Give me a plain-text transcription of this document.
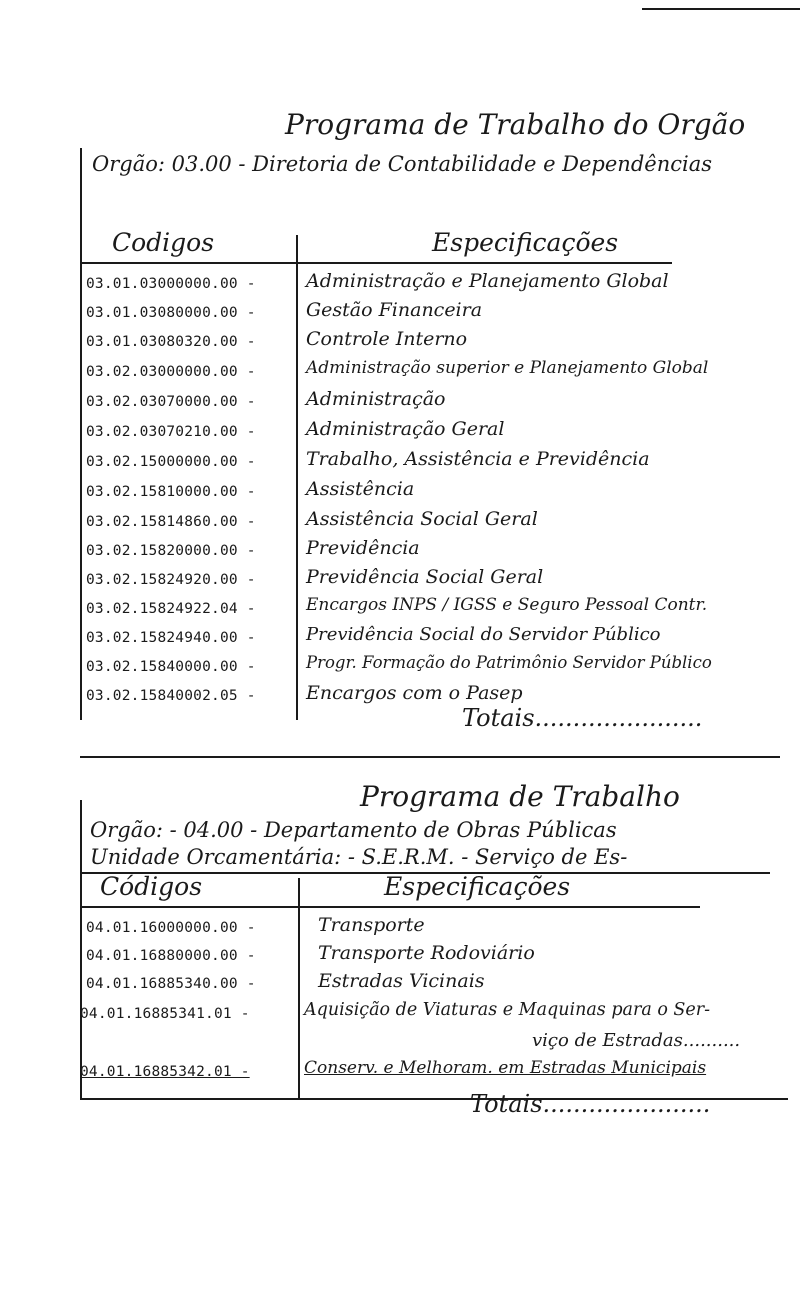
Programa de Trabalho do Orgão
Orgão: 03.00 - Diretoria de Contabilidade e Dependências
Codigos	Especificações
03.01.03000000.00 -	Administração e Planejamento Global
03.01.03080000.00 -	Gestão Financeira
03.01.03080320.00 -	Controle Interno
03.02.03000000.00 -	Administração superior e Planejamento Global
03.02.03070000.00 -	Administração
03.02.03070210.00 -	Administração Geral
03.02.15000000.00 -	Trabalho, Assistência e Previdência
03.02.15810000.00 -	Assistência
03.02.15814860.00 -	Assistência Social Geral
03.02.15820000.00 -	Previdência
03.02.15824920.00 -	Previdência Social Geral
03.02.15824922.04 -	Encargos INPS / IGSS e Seguro Pessoal Contr.
03.02.15824940.00 -	Previdência Social do Servidor Público
03.02.15840000.00 -	Progr. Formação do Patrimônio Servidor Público
03.02.15840002.05 -	Encargos com o Pasep
Totais......................
Programa de Trabalho
Orgão: - 04.00 - Departamento de Obras Públicas
Unidade Orcamentária: - S.E.R.M. - Serviço de Es-
Códigos	Especificações
04.01.16000000.00 -	Transporte
04.01.16880000.00 -	Transporte Rodoviário
04.01.16885340.00 -	Estradas Vicinais
04.01.16885341.01 -	Aquisição de Viaturas e Maquinas para o Ser-
viço de Estradas..........
04.01.16885342.01 -	Conserv. e Melhoram. em Estradas Municipais
Totais......................
